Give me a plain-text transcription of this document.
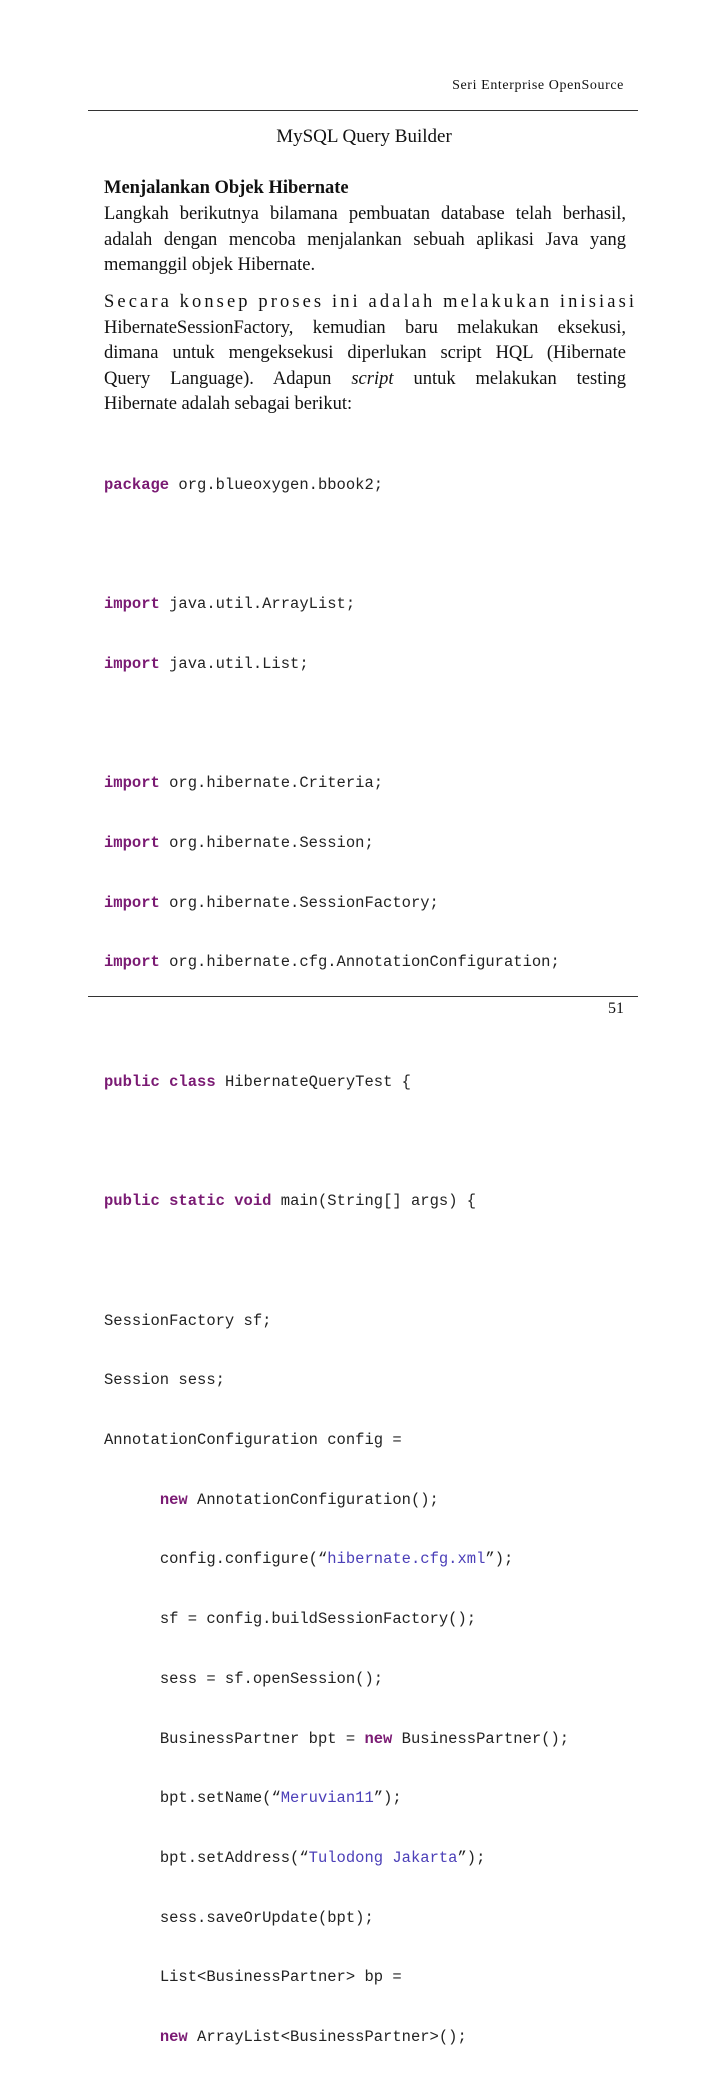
Seri Enterprise OpenSource
MySQL Query Builder
Menjalankan Objek Hibernate
Langkah berikutnya bilamana pembuatan database telah berhasil,
adalah dengan mencoba menjalankan sebuah aplikasi Java yang
memanggil objek Hibernate.
Secara konsep proses ini adalah melakukan inisiasi
HibernateSessionFactory, kemudian baru melakukan eksekusi,
dimana untuk mengeksekusi diperlukan script HQL (Hibernate
Query Language). Adapun script untuk melakukan testing
Hibernate adalah sebagai berikut:

package org.blueoxygen.bbook2;

import java.util.ArrayList;

import java.util.List;

import org.hibernate.Criteria;

import org.hibernate.Session;

import org.hibernate.SessionFactory;

import org.hibernate.cfg.AnnotationConfiguration;

public class HibernateQueryTest {

public static void main(String[] args) {

SessionFactory sf;

Session sess;

AnnotationConfiguration config =

new AnnotationConfiguration();

config.configure(“hibernate.cfg.xml”);

sf = config.buildSessionFactory();

sess = sf.openSession();

BusinessPartner bpt = new BusinessPartner();

bpt.setName(“Meruvian11”);

bpt.setAddress(“Tulodong Jakarta”);

sess.saveOrUpdate(bpt);

List<BusinessPartner> bp =

new ArrayList<BusinessPartner>();

51
